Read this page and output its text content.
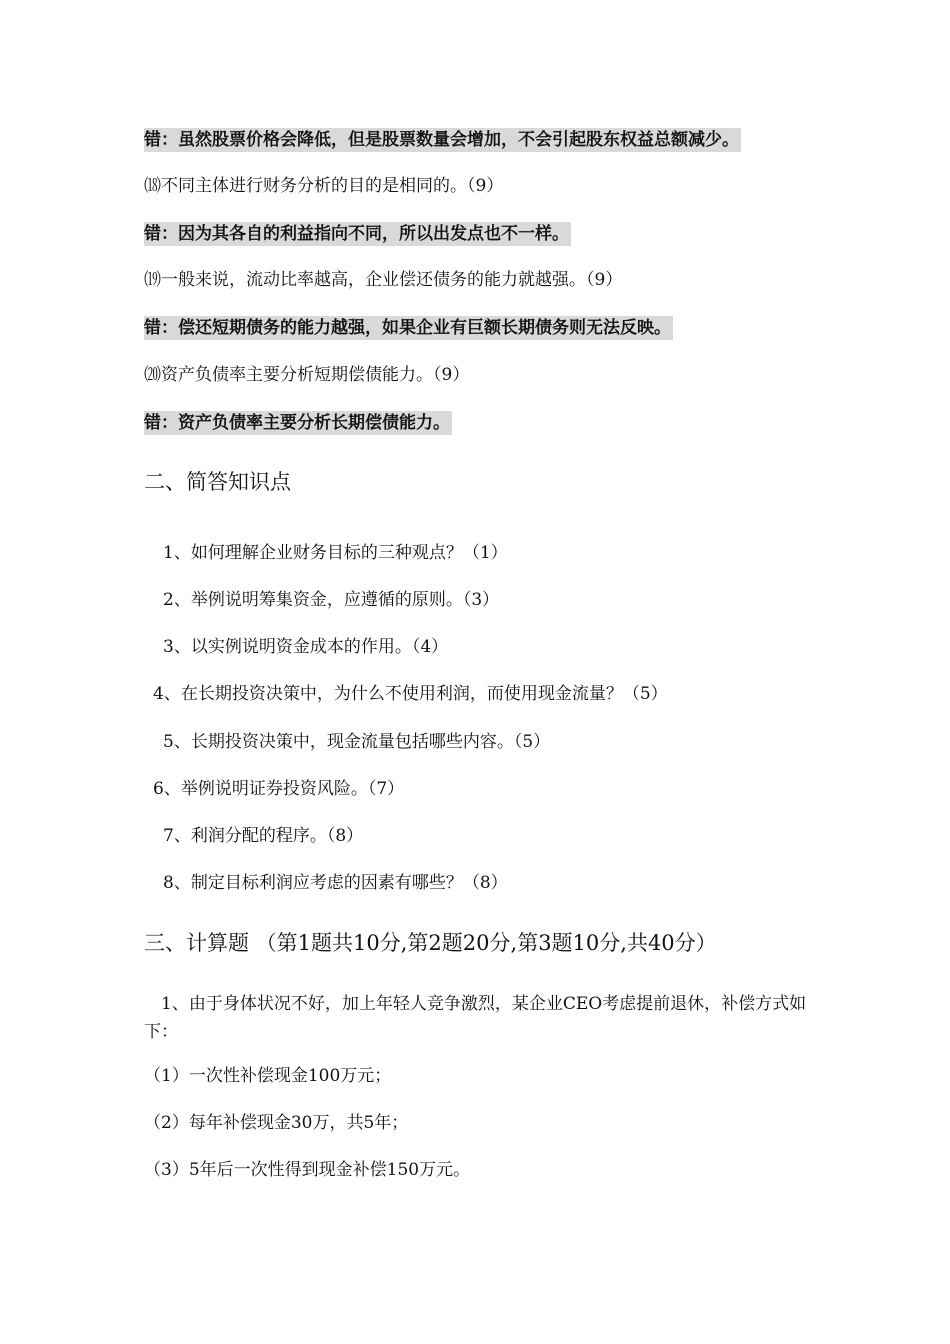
错：虽然股票价格会降低，但是股票数量会增加，不会引起股东权益总额减少。
⒅不同主体进行财务分析的目的是相同的。（9）
错：因为其各自的利益指向不同，所以出发点也不一样。
⒆一般来说，流动比率越高，企业偿还债务的能力就越强。（9）
错：偿还短期债务的能力越强，如果企业有巨额长期债务则无法反映。
⒇资产负债率主要分析短期偿债能力。（9）
错：资产负债率主要分析长期偿债能力。
二、简答知识点
1、如何理解企业财务目标的三种观点？（1）
2、举例说明筹集资金，应遵循的原则。（3）
3、以实例说明资金成本的作用。（4）
4、在长期投资决策中，为什么不使用利润，而使用现金流量？（5）
5、长期投资决策中，现金流量包括哪些内容。（5）
6、举例说明证券投资风险。（7）
7、利润分配的程序。（8）
8、制定目标利润应考虑的因素有哪些？（8）
三、计算题 （第1题共10分,第2题20分,第3题10分,共40分）
　1、由于身体状况不好，加上年轻人竞争激烈，某企业CEO考虑提前退休，补偿方式如下：
（1）一次性补偿现金100万元；
（2）每年补偿现金30万，共5年；
（3）5年后一次性得到现金补偿150万元。
